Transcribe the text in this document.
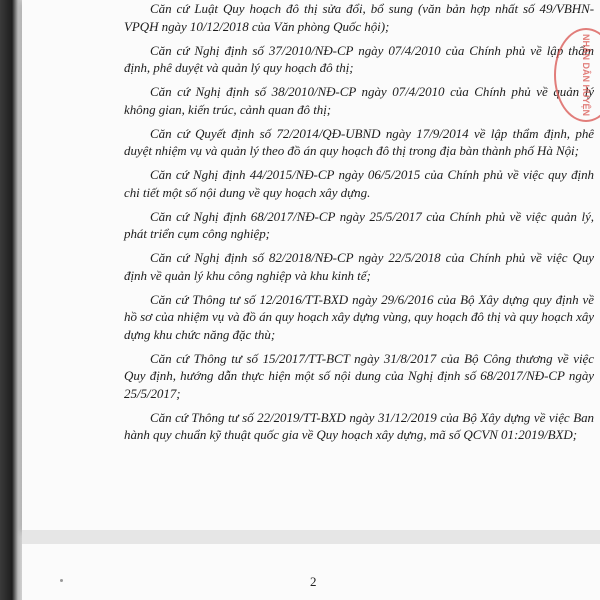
Căn cứ Luật Quy hoạch đô thị sửa đổi, bổ sung (văn bản hợp nhất số 49/VBHN-VPQH ngày 10/12/2018 của Văn phòng Quốc hội);

Căn cứ Nghị định số 37/2010/NĐ-CP ngày 07/4/2010 của Chính phủ về lập thẩm định, phê duyệt và quản lý quy hoạch đô thị;

Căn cứ Nghị định số 38/2010/NĐ-CP ngày 07/4/2010 của Chính phủ về quản lý không gian, kiến trúc, cảnh quan đô thị;

Căn cứ Quyết định số 72/2014/QĐ-UBND ngày 17/9/2014 về lập thẩm định, phê duyệt nhiệm vụ và quản lý theo đồ án quy hoạch đô thị trong địa bàn thành phố Hà Nội;

Căn cứ Nghị định 44/2015/NĐ-CP ngày 06/5/2015 của Chính phủ về việc quy định chi tiết một số nội dung về quy hoạch xây dựng.

Căn cứ Nghị định 68/2017/NĐ-CP ngày 25/5/2017 của Chính phủ về việc quản lý, phát triển cụm công nghiệp;

Căn cứ Nghị định số 82/2018/NĐ-CP ngày 22/5/2018 của Chính phủ về việc Quy định về quản lý khu công nghiệp và khu kinh tế;

Căn cứ Thông tư số 12/2016/TT-BXD ngày 29/6/2016 của Bộ Xây dựng quy định về hồ sơ của nhiệm vụ và đồ án quy hoạch xây dựng vùng, quy hoạch đô thị và quy hoạch xây dựng khu chức năng đặc thù;

Căn cứ Thông tư số 15/2017/TT-BCT ngày 31/8/2017 của Bộ Công thương về việc Quy định, hướng dẫn thực hiện một số nội dung của Nghị định số 68/2017/NĐ-CP ngày 25/5/2017;

Căn cứ Thông tư số 22/2019/TT-BXD ngày 31/12/2019 của Bộ Xây dựng về việc Ban hành quy chuẩn kỹ thuật quốc gia về Quy hoạch xây dựng, mã số QCVN 01:2019/BXD;

NHÂN DÂN HUYỆN
2
